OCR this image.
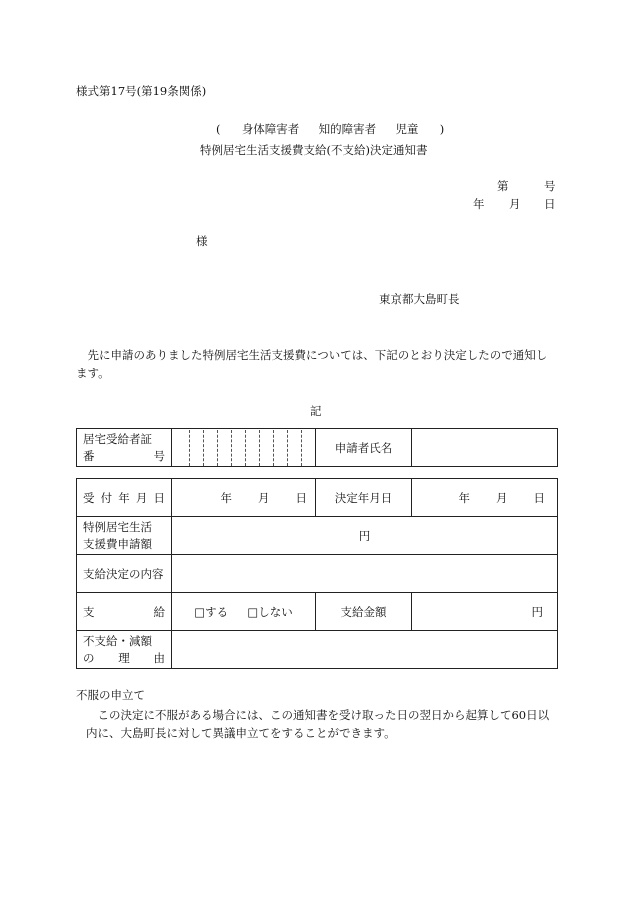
様式第17号(第19条関係)
( 身体障害者 知的障害者 児童 )
特例居宅生活支援費支給(不支給)決定通知書
第	号
年 月 日
様
東京都大島町長
先に申請のありました特例居宅生活支援費については、下記のとおり決定したので通知します。
記
居宅受給者証
番	号

	申請者氏名	
受付年月日	年 月 日	決定年月日	年 月 日

特例居宅生活
支援費申請額	円		
支給決定の内容			

支 給	□する □しない	支給金額	円

不支給・減額
の 理 由			

不服の申立て
この決定に不服がある場合には、この通知書を受け取った日の翌日から起算して60日以内に、大島町長に対して異議申立てをすることができます。
